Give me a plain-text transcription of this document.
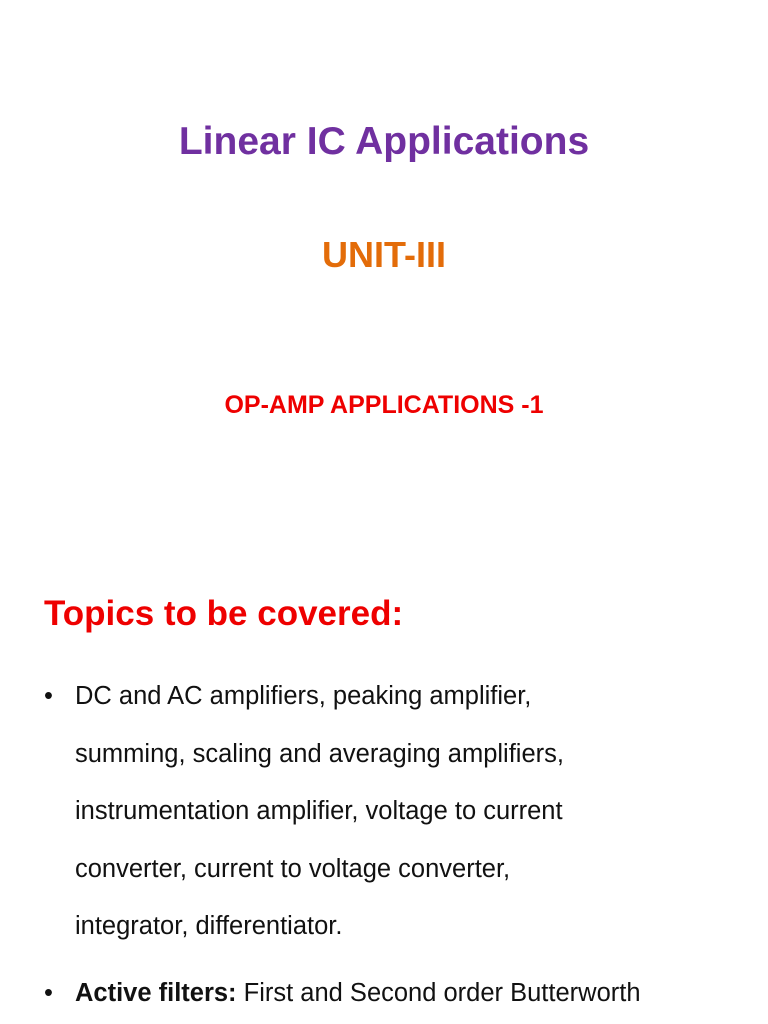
Linear IC Applications
UNIT-III
OP-AMP APPLICATIONS -1
Topics to be covered:
• DC and AC amplifiers, peaking amplifier,
summing, scaling and averaging amplifiers,
instrumentation amplifier, voltage to current
converter, current to voltage converter,
integrator, differentiator.
• Active filters: First and Second order Butterworth
